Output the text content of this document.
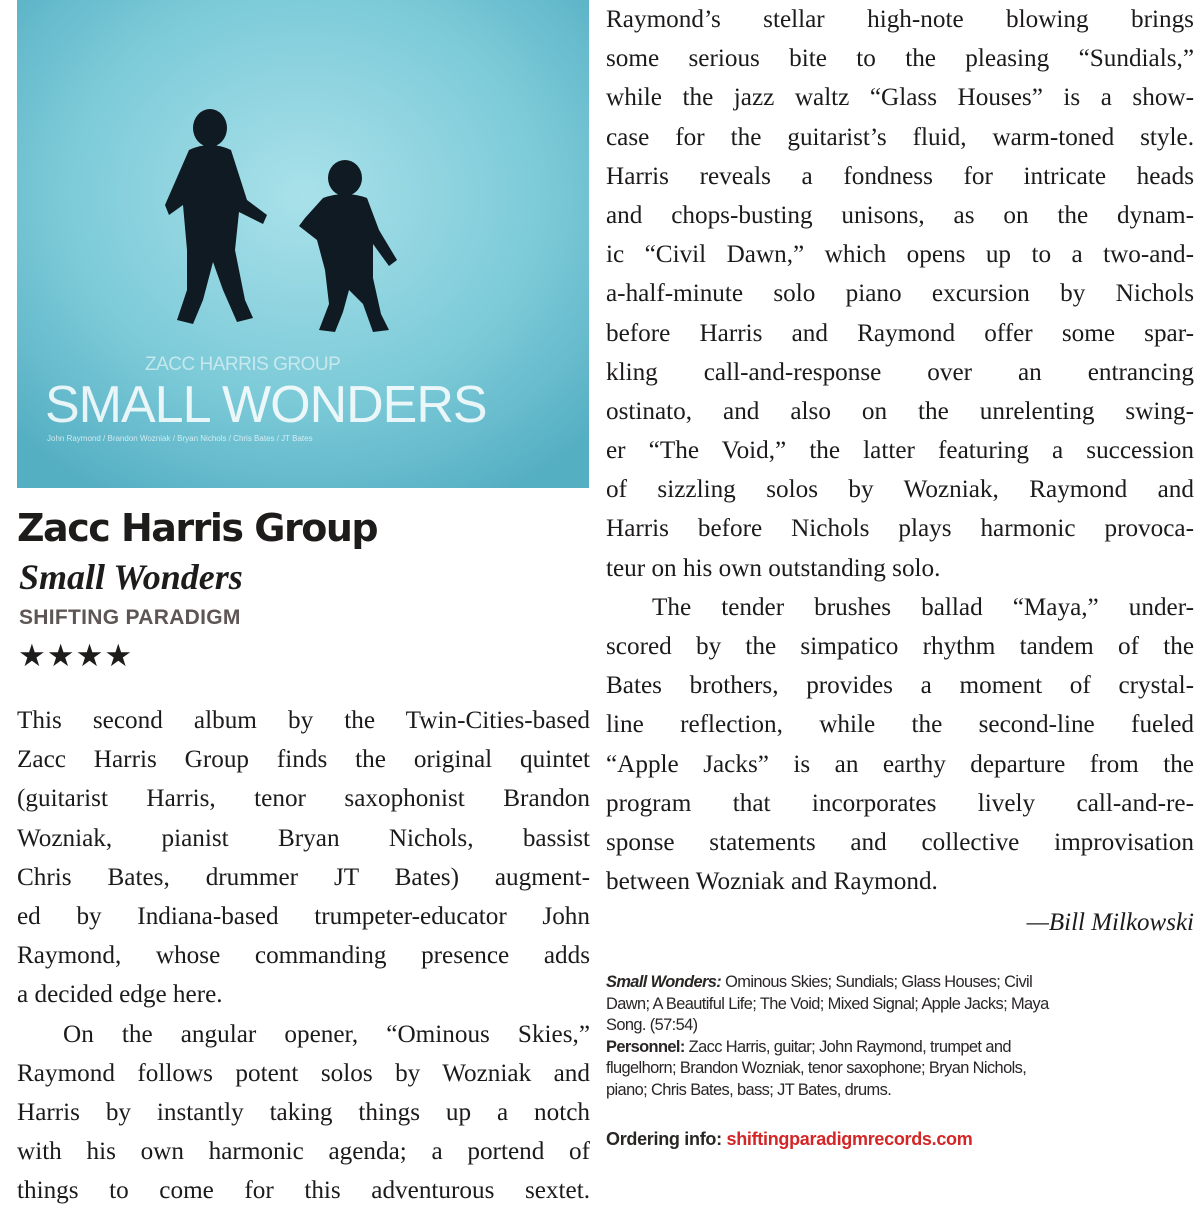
ZACC HARRIS GROUP
SMALL WONDERS
John Raymond / Brandon Wozniak / Bryan Nichols / Chris Bates / JT Bates
Zacc Harris Group
Small Wonders
SHIFTING PARADIGM
★★★★
This second album by the Twin-Cities-based
Zacc Harris Group finds the original quintet
(guitarist Harris, tenor saxophonist Brandon
Wozniak, pianist Bryan Nichols, bassist
Chris Bates, drummer JT Bates) augment-
ed by Indiana-based trumpeter-educator John
Raymond, whose commanding presence adds
a decided edge here.
On the angular opener, “Ominous Skies,”
Raymond follows potent solos by Wozniak and
Harris by instantly taking things up a notch
with his own harmonic agenda; a portend of
things to come for this adventurous sextet.
Raymond’s stellar high-note blowing brings
some serious bite to the pleasing “Sundials,”
while the jazz waltz “Glass Houses” is a show-
case for the guitarist’s fluid, warm-toned style.
Harris reveals a fondness for intricate heads
and chops-busting unisons, as on the dynam-
ic “Civil Dawn,” which opens up to a two-and-
a-half-minute solo piano excursion by Nichols
before Harris and Raymond offer some spar-
kling call-and-response over an entrancing
ostinato, and also on the unrelenting swing-
er “The Void,” the latter featuring a succession
of sizzling solos by Wozniak, Raymond and
Harris before Nichols plays harmonic provoca-
teur on his own outstanding solo.
The tender brushes ballad “Maya,” under-
scored by the simpatico rhythm tandem of the
Bates brothers, provides a moment of crystal-
line reflection, while the second-line fueled
“Apple Jacks” is an earthy departure from the
program that incorporates lively call-and-re-
sponse statements and collective improvisation
between Wozniak and Raymond.
—Bill Milkowski
Small Wonders: Ominous Skies; Sundials; Glass Houses; Civil
Dawn; A Beautiful Life; The Void; Mixed Signal; Apple Jacks; Maya
Song. (57:54)
Personnel: Zacc Harris, guitar; John Raymond, trumpet and
flugelhorn; Brandon Wozniak, tenor saxophone; Bryan Nichols,
piano; Chris Bates, bass; JT Bates, drums.
Ordering info: shiftingparadigmrecords.com
